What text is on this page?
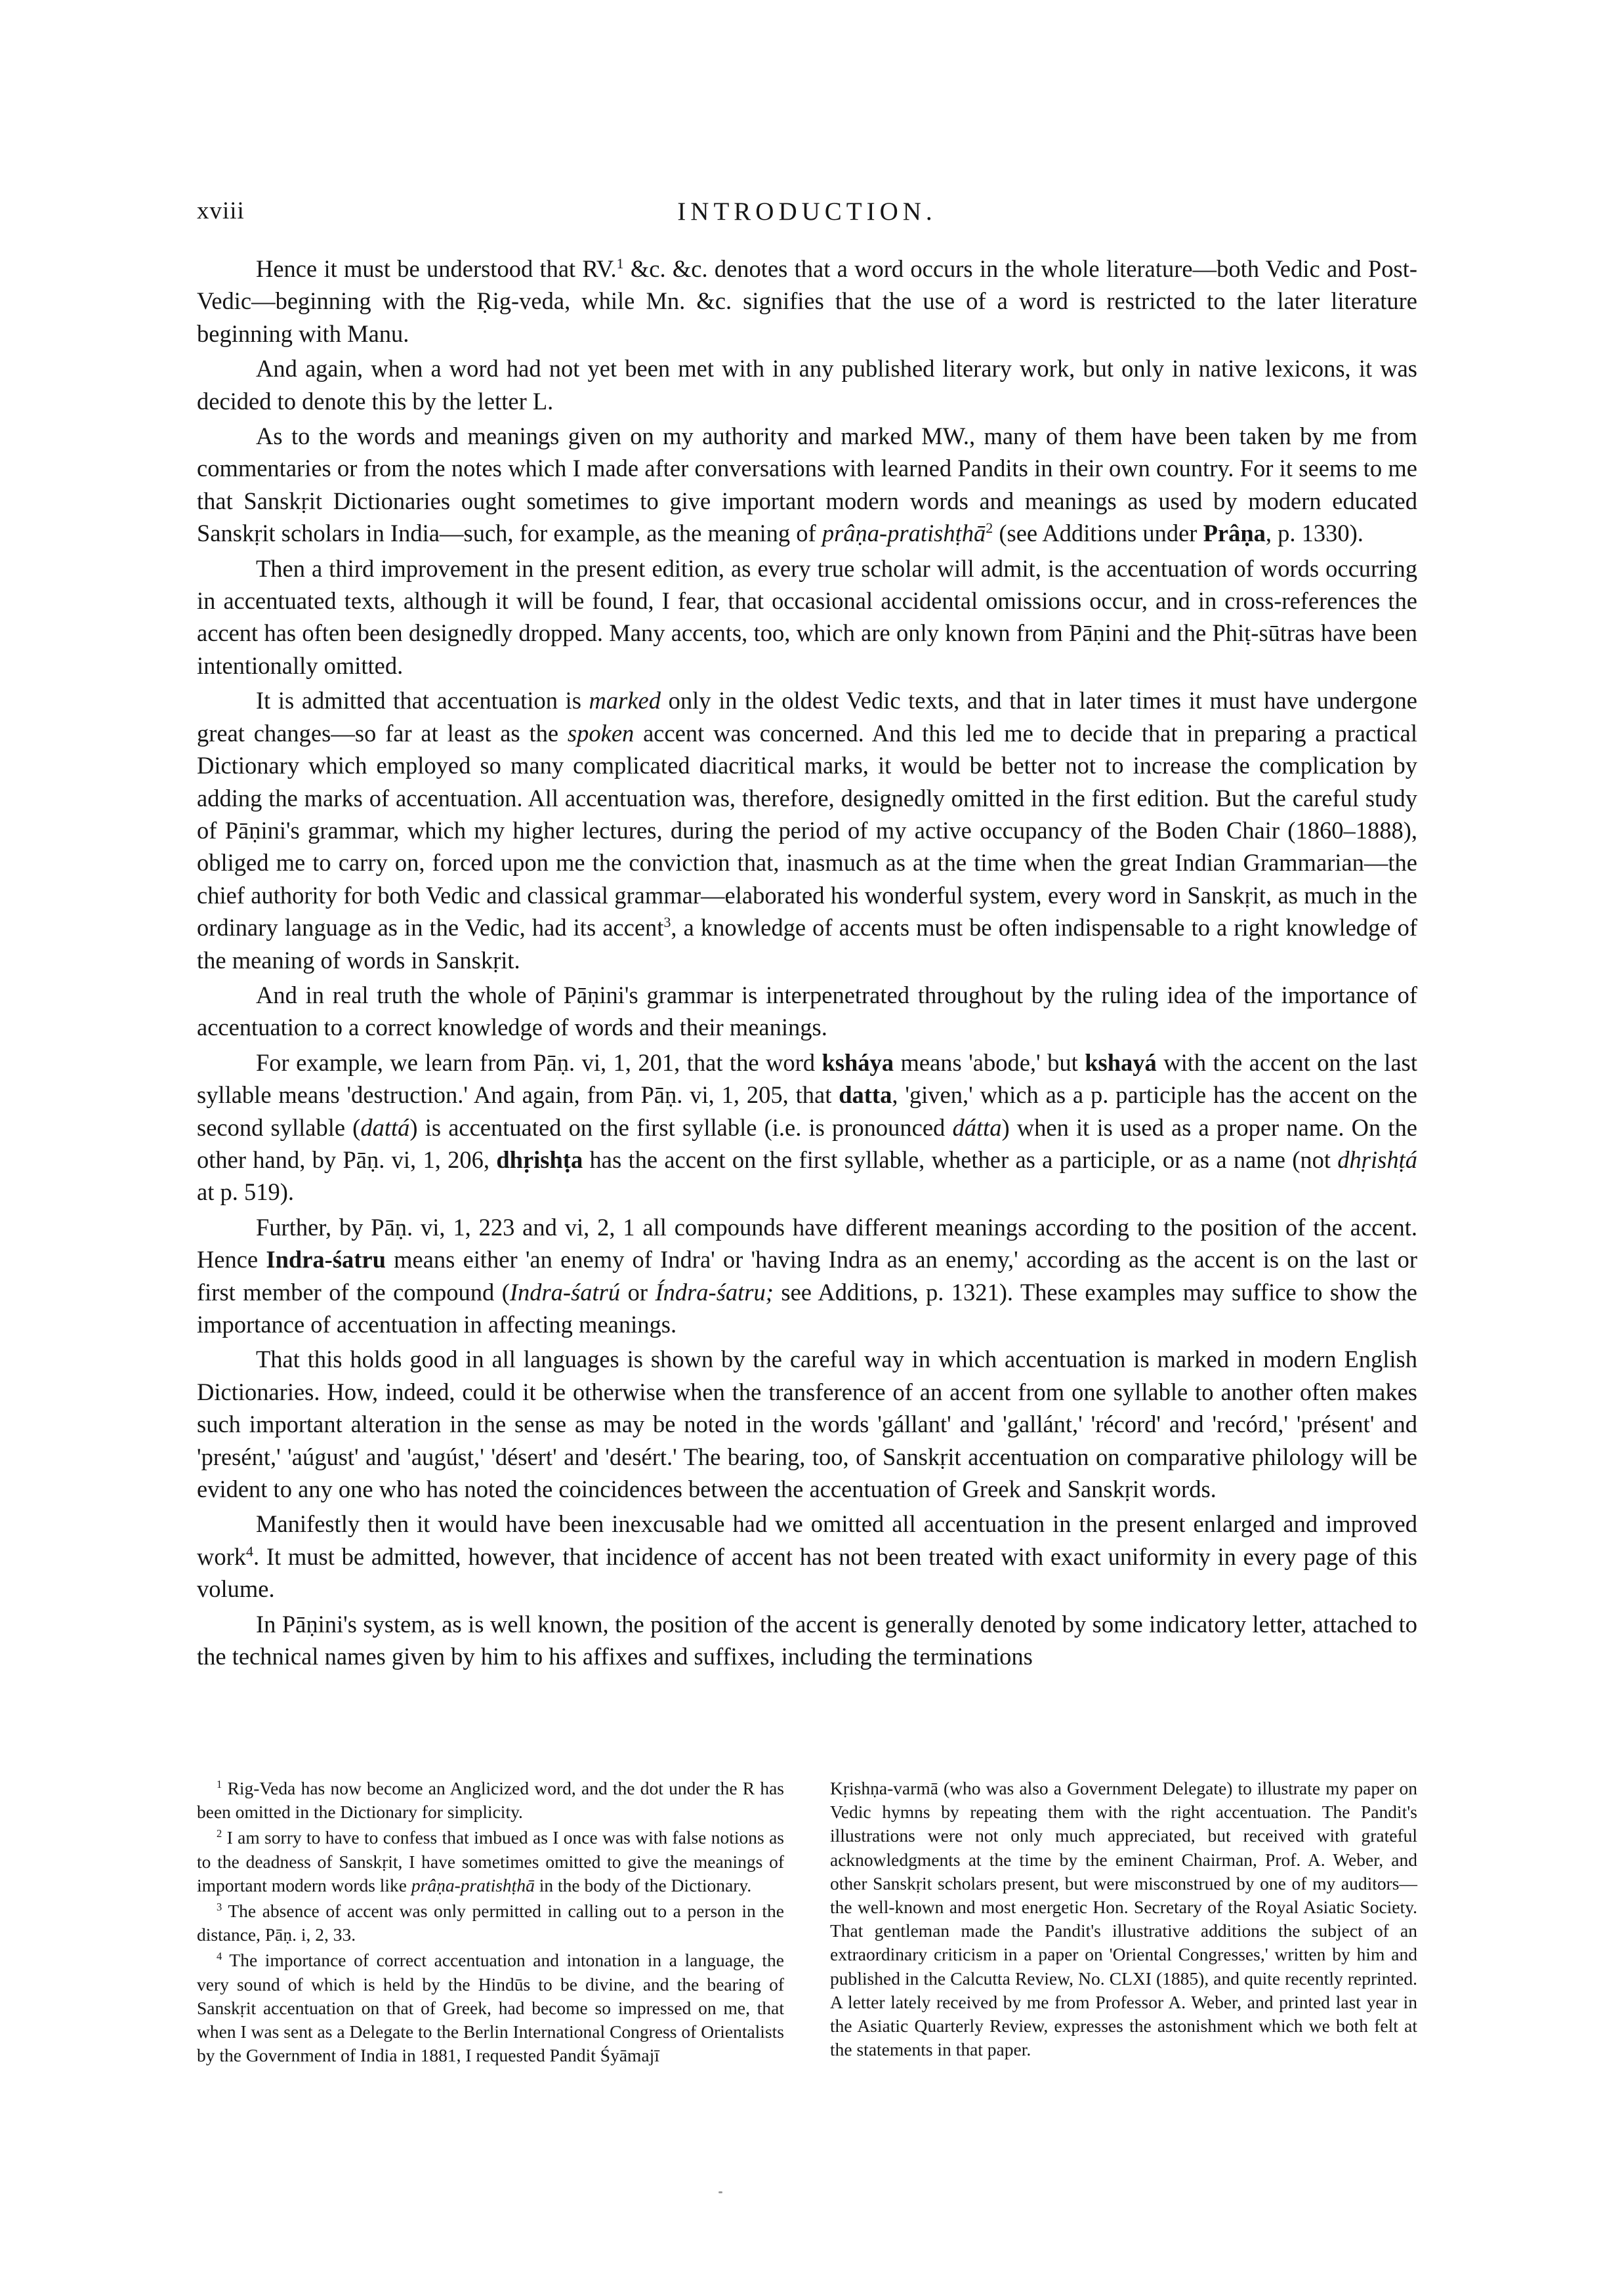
xviii	INTRODUCTION.

Hence it must be understood that RV.$^1$ &c. &c. denotes that a word occurs in the whole literature—both Vedic and Post-Vedic—beginning with the Ṛig-veda, while Mn. &c. signifies that the use of a word is restricted to the later literature beginning with Manu.

And again, when a word had not yet been met with in any published literary work, but only in native lexicons, it was decided to denote this by the letter L.

As to the words and meanings given on my authority and marked MW., many of them have been taken by me from commentaries or from the notes which I made after conversations with learned Pandits in their own country. For it seems to me that Sanskṛit Dictionaries ought sometimes to give important modern words and meanings as used by modern educated Sanskṛit scholars in India—such, for example, as the meaning of prâṇa-pratishṭhā$^2$ (see Additions under Prâṇa, p. 1330).

Then a third improvement in the present edition, as every true scholar will admit, is the accentuation of words occurring in accentuated texts, although it will be found, I fear, that occasional accidental omissions occur, and in cross-references the accent has often been designedly dropped. Many accents, too, which are only known from Pāṇini and the Phiṭ-sūtras have been intentionally omitted.

It is admitted that accentuation is marked only in the oldest Vedic texts, and that in later times it must have undergone great changes—so far at least as the spoken accent was concerned. And this led me to decide that in preparing a practical Dictionary which employed so many complicated diacritical marks, it would be better not to increase the complication by adding the marks of accentuation. All accentuation was, therefore, designedly omitted in the first edition. But the careful study of Pāṇini's grammar, which my higher lectures, during the period of my active occupancy of the Boden Chair (1860–1888), obliged me to carry on, forced upon me the conviction that, inasmuch as at the time when the great Indian Grammarian—the chief authority for both Vedic and classical grammar—elaborated his wonderful system, every word in Sanskṛit, as much in the ordinary language as in the Vedic, had its accent$^3$, a knowledge of accents must be often indispensable to a right knowledge of the meaning of words in Sanskṛit.

And in real truth the whole of Pāṇini's grammar is interpenetrated throughout by the ruling idea of the importance of accentuation to a correct knowledge of words and their meanings.

For example, we learn from Pāṇ. vi, 1, 201, that the word ksháya means 'abode,' but kshayá with the accent on the last syllable means 'destruction.' And again, from Pāṇ. vi, 1, 205, that datta, 'given,' which as a p. participle has the accent on the second syllable (dattá) is accentuated on the first syllable (i.e. is pronounced dátta) when it is used as a proper name. On the other hand, by Pāṇ. vi, 1, 206, dhṛishṭa has the accent on the first syllable, whether as a participle, or as a name (not dhṛishṭá at p. 519).

Further, by Pāṇ. vi, 1, 223 and vi, 2, 1 all compounds have different meanings according to the position of the accent. Hence Indra-śatru means either 'an enemy of Indra' or 'having Indra as an enemy,' according as the accent is on the last or first member of the compound (Indra-śatrú or Índra-śatru; see Additions, p. 1321). These examples may suffice to show the importance of accentuation in affecting meanings.

That this holds good in all languages is shown by the careful way in which accentuation is marked in modern English Dictionaries. How, indeed, could it be otherwise when the transference of an accent from one syllable to another often makes such important alteration in the sense as may be noted in the words 'gállant' and 'gallánt,' 'récord' and 'recórd,' 'présent' and 'presént,' 'aúgust' and 'augúst,' 'désert' and 'desért.' The bearing, too, of Sanskṛit accentuation on comparative philology will be evident to any one who has noted the coincidences between the accentuation of Greek and Sanskṛit words.

Manifestly then it would have been inexcusable had we omitted all accentuation in the present enlarged and improved work$^4$. It must be admitted, however, that incidence of accent has not been treated with exact uniformity in every page of this volume.

In Pāṇini's system, as is well known, the position of the accent is generally denoted by some indicatory letter, attached to the technical names given by him to his affixes and suffixes, including the terminations

$^1$ Rig-Veda has now become an Anglicized word, and the dot under the R has been omitted in the Dictionary for simplicity.

$^2$ I am sorry to have to confess that imbued as I once was with false notions as to the deadness of Sanskṛit, I have sometimes omitted to give the meanings of important modern words like prâṇa-pratishṭhā in the body of the Dictionary.

$^3$ The absence of accent was only permitted in calling out to a person in the distance, Pāṇ. i, 2, 33.

$^4$ The importance of correct accentuation and intonation in a language, the very sound of which is held by the Hindūs to be divine, and the bearing of Sanskṛit accentuation on that of Greek, had become so impressed on me, that when I was sent as a Delegate to the Berlin International Congress of Orientalists by the Government of India in 1881, I requested Pandit Śyāmajī

Kṛishṇa-varmā (who was also a Government Delegate) to illustrate my paper on Vedic hymns by repeating them with the right accentuation. The Pandit's illustrations were not only much appreciated, but received with grateful acknowledgments at the time by the eminent Chairman, Prof. A. Weber, and other Sanskṛit scholars present, but were misconstrued by one of my auditors—the well-known and most energetic Hon. Secretary of the Royal Asiatic Society. That gentleman made the Pandit's illustrative additions the subject of an extraordinary criticism in a paper on 'Oriental Congresses,' written by him and published in the Calcutta Review, No. CLXI (1885), and quite recently reprinted. A letter lately received by me from Professor A. Weber, and printed last year in the Asiatic Quarterly Review, expresses the astonishment which we both felt at the statements in that paper.
